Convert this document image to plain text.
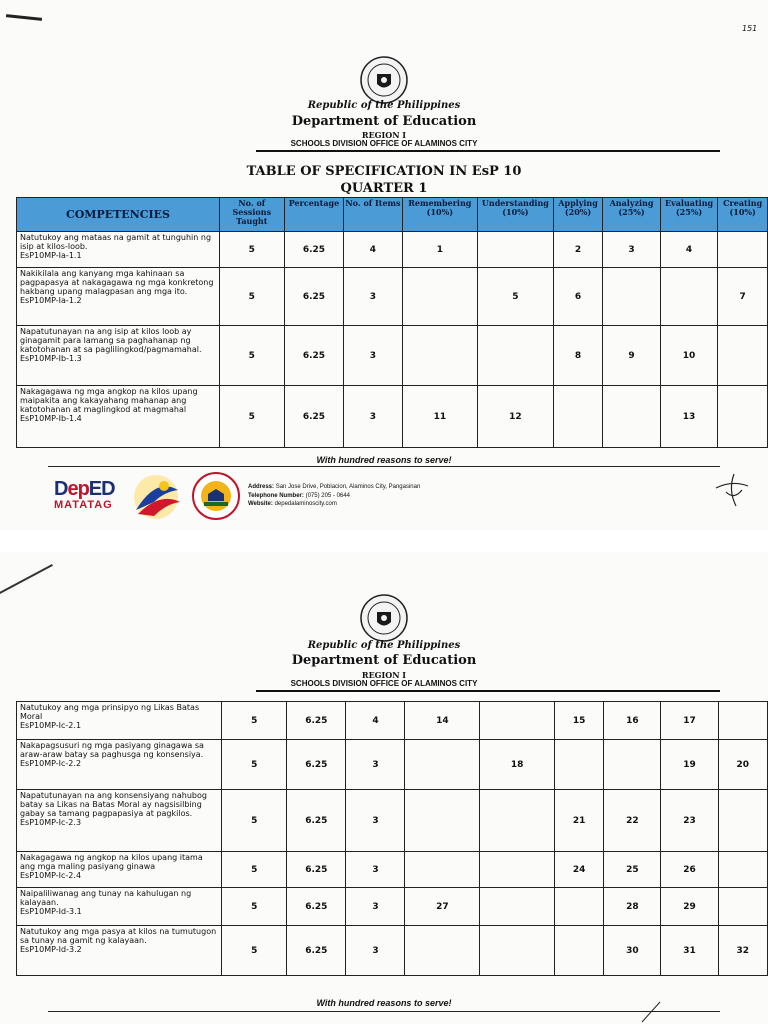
151
Republic of the Philippines
Department of Education
REGION I
SCHOOLS DIVISION OFFICE OF ALAMINOS CITY
TABLE OF SPECIFICATION IN EsP 10
QUARTER 1
COMPETENCIES	No. of Sessions Taught	Percentage	No. of Items	Remembering (10%)	Understanding (10%)	Applying (20%)	Analyzing (25%)	Evaluating (25%)	Creating (10%)
Natutukoy ang mataas na gamit at tunguhin ng isip at kilos-loob.
EsP10MP-Ia-1.1	5	6.25	4	1		2	3	4	
Nakikilala ang kanyang mga kahinaan sa pagpapasya at nakagagawa ng mga konkretong hakbang upang malagpasan ang mga ito.
EsP10MP-Ia-1.2	5	6.25	3		5	6			7
Napatutunayan na ang isip at kilos loob ay ginagamit para lamang sa paghahanap ng katotohanan at sa paglilingkod/pagmamahal.
EsP10MP-Ib-1.3	5	6.25	3			8	9	10	
Nakagagawa ng mga angkop na kilos upang maipakita ang kakayahang mahanap ang katotohanan at maglingkod at magmahal
EsP10MP-Ib-1.4	5	6.25	3	11	12			13	
With hundred reasons to serve!
DepED
MATATAG
Address: San Jose Drive, Poblacion, Alaminos City, Pangasinan
Telephone Number: (075) 205 - 0644
Website: depedalaminoscity.com
Republic of the Philippines
Department of Education
REGION I
SCHOOLS DIVISION OFFICE OF ALAMINOS CITY
Natutukoy ang mga prinsipyo ng Likas Batas Moral
EsP10MP-Ic-2.1	5	6.25	4	14		15	16	17	
Nakapagsusuri ng mga pasiyang ginagawa sa araw-araw batay sa paghusga ng konsensiya.
EsP10MP-Ic-2.2	5	6.25	3		18			19	20
Napatutunayan na ang konsensiyang nahubog batay sa Likas na Batas Moral ay nagsisilbing gabay sa tamang pagpapasiya at pagkilos.
EsP10MP-Ic-2.3	5	6.25	3			21	22	23	
Nakagagawa ng angkop na kilos upang itama ang mga maling pasiyang ginawa
EsP10MP-Ic-2.4	5	6.25	3			24	25	26	
Naipaliliwanag ang tunay na kahulugan ng kalayaan.
EsP10MP-Id-3.1	5	6.25	3	27			28	29	
Natutukoy ang mga pasya at kilos na tumutugon sa tunay na gamit ng kalayaan.
EsP10MP-Id-3.2	5	6.25	3				30	31	32
With hundred reasons to serve!
